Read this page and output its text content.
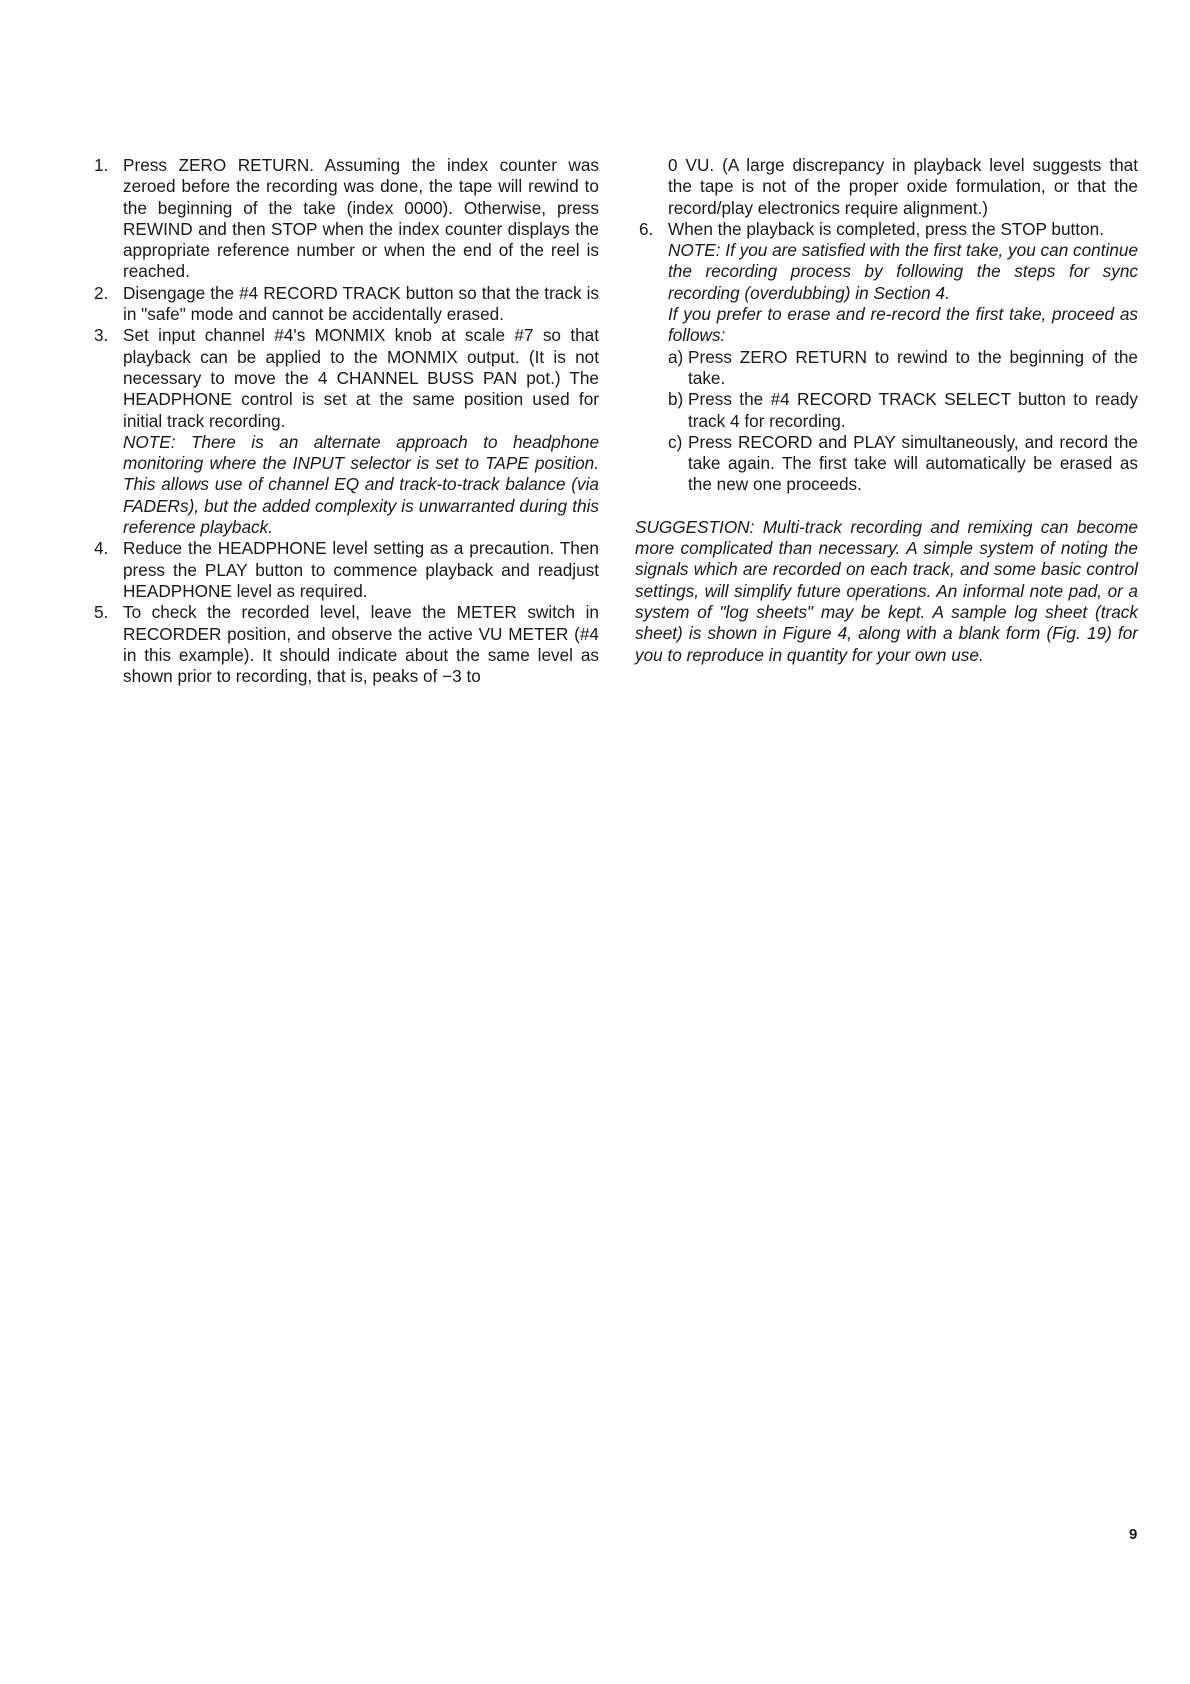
1. Press ZERO RETURN. Assuming the index counter was zeroed before the recording was done, the tape will rewind to the beginning of the take (index 0000). Otherwise, press REWIND and then STOP when the index counter displays the appropriate reference number or when the end of the reel is reached.

2. Disengage the #4 RECORD TRACK button so that the track is in "safe" mode and cannot be accidentally erased.

3. Set input channel #4's MONMIX knob at scale #7 so that playback can be applied to the MONMIX output. (It is not necessary to move the 4 CHANNEL BUSS PAN pot.) The HEADPHONE control is set at the same position used for initial track recording.

NOTE: There is an alternate approach to headphone monitoring where the INPUT selector is set to TAPE position. This allows use of channel EQ and track-to-track balance (via FADERs), but the added complexity is unwarranted during this reference playback.

4. Reduce the HEADPHONE level setting as a precaution. Then press the PLAY button to commence playback and readjust HEADPHONE level as required.

5. To check the recorded level, leave the METER switch in RECORDER position, and observe the active VU METER (#4 in this example). It should indicate about the same level as shown prior to recording, that is, peaks of −3 to

0 VU. (A large discrepancy in playback level suggests that the tape is not of the proper oxide formulation, or that the record/play electronics require alignment.)

6. When the playback is completed, press the STOP button.

NOTE: If you are satisfied with the first take, you can continue the recording process by following the steps for sync recording (overdubbing) in Section 4.

If you prefer to erase and re-record the first take, proceed as follows:

a) Press ZERO RETURN to rewind to the beginning of the take.

b) Press the #4 RECORD TRACK SELECT button to ready track 4 for recording.

c) Press RECORD and PLAY simultaneously, and record the take again. The first take will automatically be erased as the new one proceeds.

SUGGESTION: Multi-track recording and remixing can become more complicated than necessary. A simple system of noting the signals which are recorded on each track, and some basic control settings, will simplify future operations. An informal note pad, or a system of "log sheets" may be kept. A sample log sheet (track sheet) is shown in Figure 4, along with a blank form (Fig. 19) for you to reproduce in quantity for your own use.

9
